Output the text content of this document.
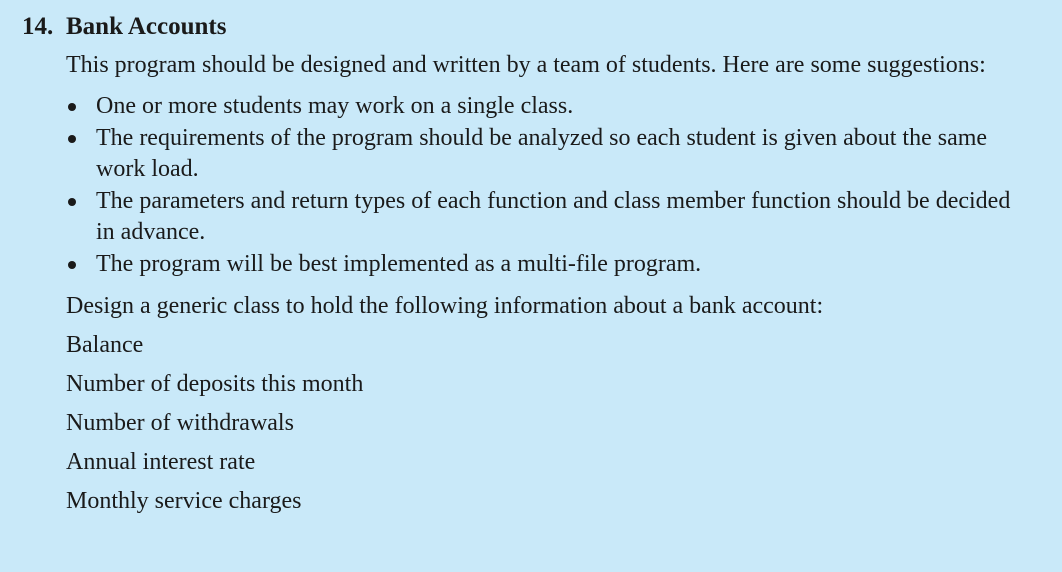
14. Bank Accounts

This program should be designed and written by a team of students. Here are some suggestions:

One or more students may work on a single class.
The requirements of the program should be analyzed so each student is given about the same work load.
The parameters and return types of each function and class member function should be decided in advance.
The program will be best implemented as a multi-file program.

Design a generic class to hold the following information about a bank account:

Balance
Number of deposits this month
Number of withdrawals
Annual interest rate
Monthly service charges
